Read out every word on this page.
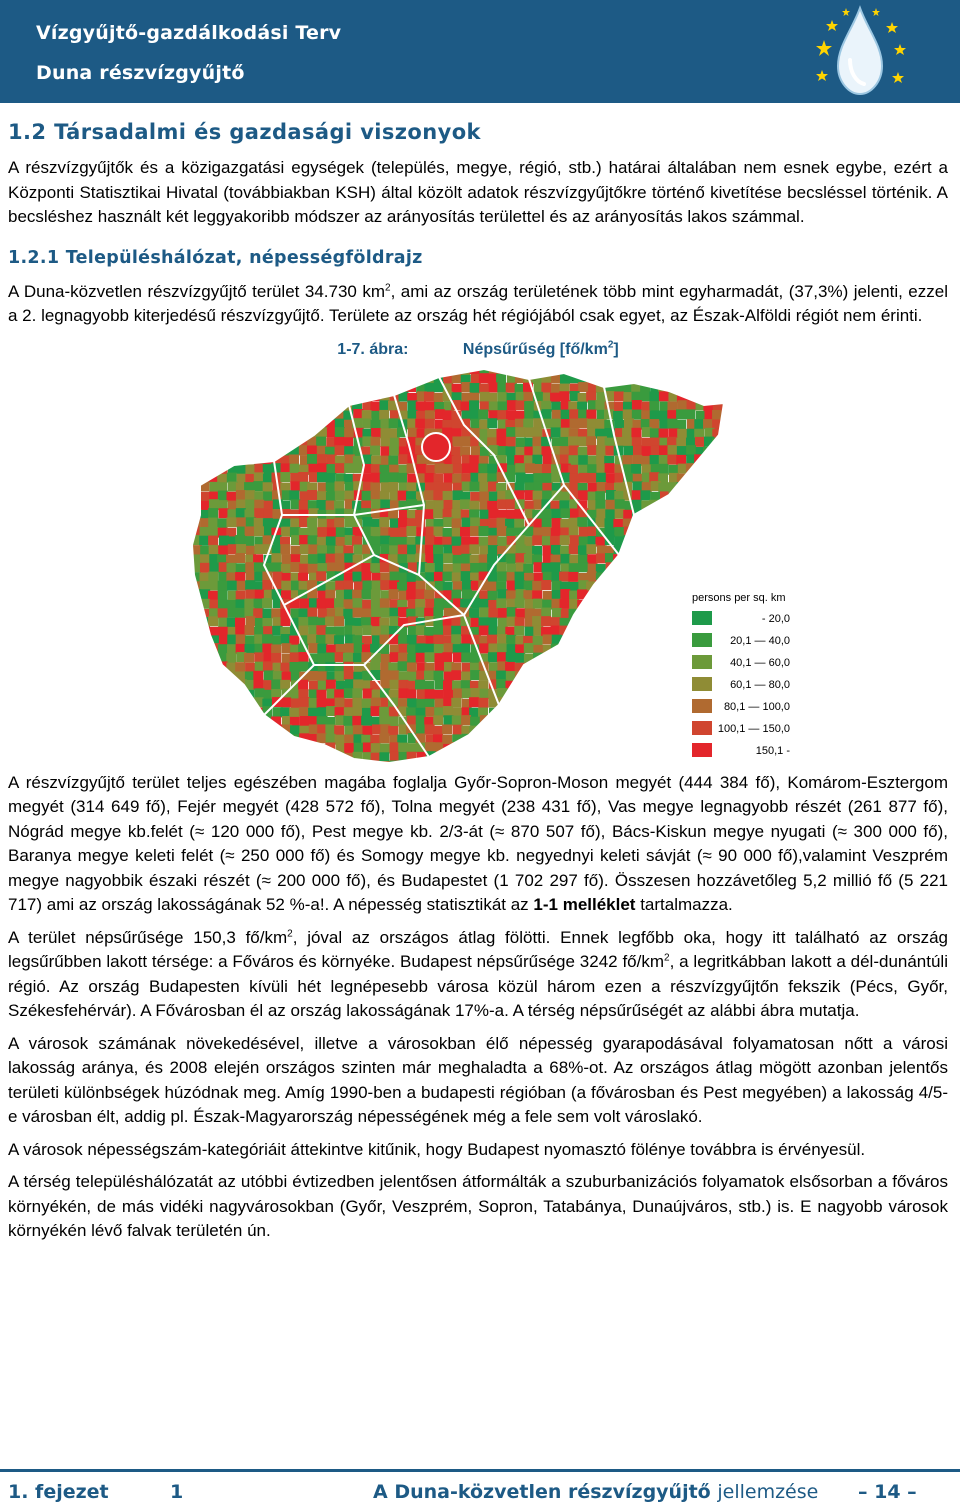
Vízgyűjtő-gazdálkodási Terv
Duna részvízgyűjtő
1.2 Társadalmi és gazdasági viszonyok

A részvízgyűjtők és a közigazgatási egységek (település, megye, régió, stb.) határai általában nem esnek egybe, ezért a Központi Statisztikai Hivatal (továbbiakban KSH) által közölt adatok részvízgyűjtőkre történő kivetítése becsléssel történik. A becsléshez használt két leggyakoribb módszer az arányosítás területtel és az arányosítás lakos számmal.

1.2.1 Településhálózat, népességföldrajz

A Duna-közvetlen részvízgyűjtő terület 34.730 $km^2$, ami az ország területének több mint egyharmadát, (37,3%) jelenti, ezzel a 2. legnagyobb kiterjedésű részvízgyűjtő. Területe az ország hét régiójából csak egyet, az Észak-Alföldi régiót nem érinti.

1-7. ábra:	Népsűrűség $[fő/km^2]$
persons per sq. km
- 20,0
20,1 — 40,0
40,1 — 60,0
60,1 — 80,0
80,1 — 100,0
100,1 — 150,0
150,1 -

A részvízgyűjtő terület teljes egészében magába foglalja Győr-Sopron-Moson megyét (444 384 fő), Komárom-Esztergom megyét (314 649 fő), Fejér megyét (428 572 fő), Tolna megyét (238 431 fő), Vas megye legnagyobb részét (261 877 fő), Nógrád megye kb.felét (≈ 120 000 fő), Pest megye kb. 2/3-át (≈ 870 507 fő), Bács-Kiskun megye nyugati (≈ 300 000 fő), Baranya megye keleti felét (≈ 250 000 fő) és Somogy megye kb. negyednyi keleti sávját (≈ 90 000 fő),valamint Veszprém megye nagyobbik északi részét (≈ 200 000 fő), és Budapestet (1 702 297 fő). Összesen hozzávetőleg 5,2 millió fő (5 221 717) ami az ország lakosságának 52 %-a!. A népesség statisztikát az 1-1 melléklet tartalmazza.

A terület népsűrűsége 150,3 $fő/km^2$, jóval az országos átlag fölötti. Ennek legfőbb oka, hogy itt található az ország legsűrűbben lakott térsége: a Főváros és környéke. Budapest népsűrűsége 3242 $fő/km^2$, a legritkábban lakott a dél-dunántúli régió. Az ország Budapesten kívüli hét legnépesebb városa közül három ezen a részvízgyűjtőn fekszik (Pécs, Győr, Székesfehérvár). A Fővárosban él az ország lakosságának 17%-a. A térség népsűrűségét az alábbi ábra mutatja.

A városok számának növekedésével, illetve a városokban élő népesség gyarapodásával folyamatosan nőtt a városi lakosság aránya, és 2008 elején országos szinten már meghaladta a 68%-ot. Az országos átlag mögött azonban jelentős területi különbségek húzódnak meg. Amíg 1990-ben a budapesti régióban (a fővárosban és Pest megyében) a lakosság 4/5-e városban élt, addig pl. Észak-Magyarország népességének még a fele sem volt városlakó.

A városok népességszám-kategóriáit áttekintve kitűnik, hogy Budapest nyomasztó fölénye továbbra is érvényesül.

A térség településhálózatát az utóbbi évtizedben jelentősen átformálták a szuburbanizációs folyamatok elsősorban a főváros környékén, de más vidéki nagyvárosokban (Győr, Veszprém, Sopron, Tatabánya, Dunaújváros, stb.) is. E nagyobb városok környékén lévő falvak területén ún.

1. fejezet	1	A Duna-közvetlen részvízgyűjtő jellemzése – 14 –
